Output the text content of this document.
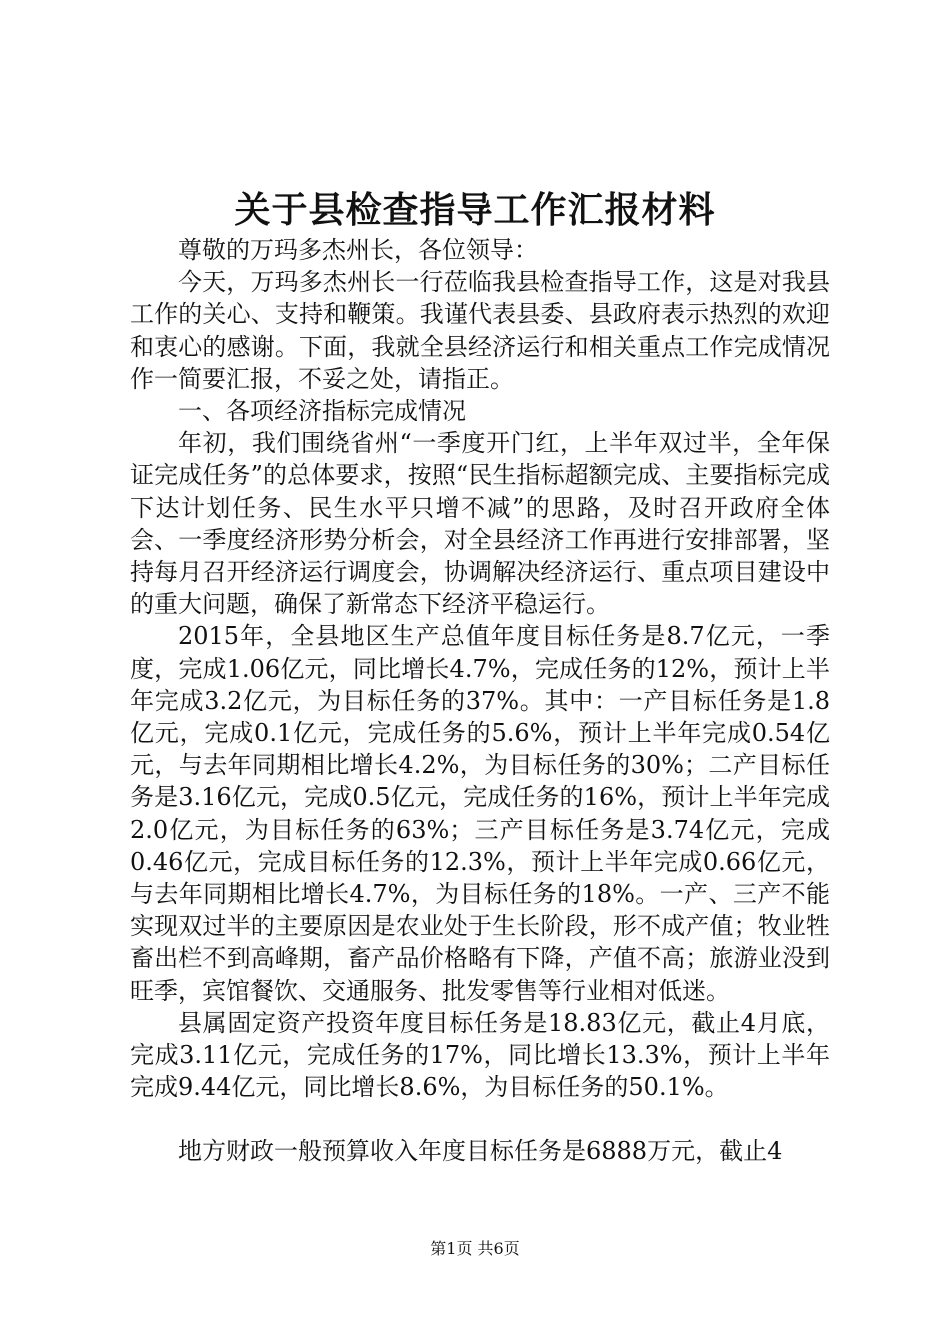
关于县检查指导工作汇报材料

尊敬的万玛多杰州长，各位领导：

今天，万玛多杰州长一行莅临我县检查指导工作，这是对我县工作的关心、支持和鞭策。我谨代表县委、县政府表示热烈的欢迎和衷心的感谢。下面，我就全县经济运行和相关重点工作完成情况作一简要汇报，不妥之处，请指正。

一、各项经济指标完成情况

年初，我们围绕省州“一季度开门红，上半年双过半，全年保证完成任务”的总体要求，按照“民生指标超额完成、主要指标完成下达计划任务、民生水平只增不减”的思路，及时召开政府全体会、一季度经济形势分析会，对全县经济工作再进行安排部署，坚持每月召开经济运行调度会，协调解决经济运行、重点项目建设中的重大问题，确保了新常态下经济平稳运行。

2015年，全县地区生产总值年度目标任务是8.7亿元，一季度，完成1.06亿元，同比增长4.7%，完成任务的12%，预计上半年完成3.2亿元，为目标任务的37%。其中：一产目标任务是1.8亿元，完成0.1亿元，完成任务的5.6%，预计上半年完成0.54亿元，与去年同期相比增长4.2%，为目标任务的30%；二产目标任务是3.16亿元，完成0.5亿元，完成任务的16%，预计上半年完成2.0亿元，为目标任务的63%；三产目标任务是3.74亿元，完成0.46亿元，完成目标任务的12.3%，预计上半年完成0.66亿元，与去年同期相比增长4.7%，为目标任务的18%。一产、三产不能实现双过半的主要原因是农业处于生长阶段，形不成产值；牧业牲畜出栏不到高峰期，畜产品价格略有下降，产值不高；旅游业没到旺季，宾馆餐饮、交通服务、批发零售等行业相对低迷。

县属固定资产投资年度目标任务是18.83亿元，截止4月底，完成3.11亿元，完成任务的17%，同比增长13.3%，预计上半年完成9.44亿元，同比增长8.6%，为目标任务的50.1%。

地方财政一般预算收入年度目标任务是6888万元，截止4

第1页 共6页
